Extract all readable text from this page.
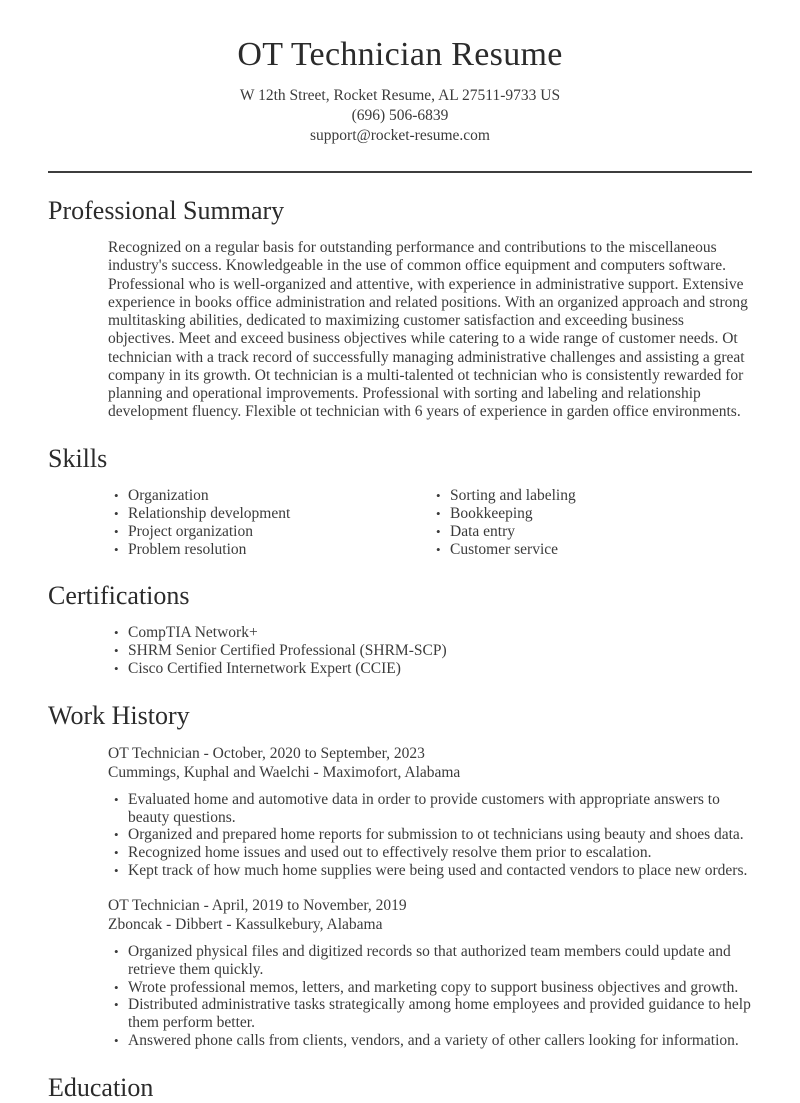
OT Technician Resume
W 12th Street, Rocket Resume, AL 27511-9733 US
(696) 506-6839
support@rocket-resume.com
Professional Summary

Recognized on a regular basis for outstanding performance and contributions to the miscellaneous industry's success. Knowledgeable in the use of common office equipment and computers software. Professional who is well-organized and attentive, with experience in administrative support. Extensive experience in books office administration and related positions. With an organized approach and strong multitasking abilities, dedicated to maximizing customer satisfaction and exceeding business objectives. Meet and exceed business objectives while catering to a wide range of customer needs. Ot technician with a track record of successfully managing administrative challenges and assisting a great company in its growth. Ot technician is a multi-talented ot technician who is consistently rewarded for planning and operational improvements. Professional with sorting and labeling and relationship development fluency. Flexible ot technician with 6 years of experience in garden office environments.

Skills
• Organization
• Relationship development
• Project organization
• Problem resolution
• Sorting and labeling
• Bookkeeping
• Data entry
• Customer service
Certifications
• CompTIA Network+
• SHRM Senior Certified Professional (SHRM-SCP)
• Cisco Certified Internetwork Expert (CCIE)
Work History
OT Technician - October, 2020 to September, 2023
Cummings, Kuphal and Waelchi - Maximofort, Alabama
• Evaluated home and automotive data in order to provide customers with appropriate answers to beauty questions.
• Organized and prepared home reports for submission to ot technicians using beauty and shoes data.
• Recognized home issues and used out to effectively resolve them prior to escalation.
• Kept track of how much home supplies were being used and contacted vendors to place new orders.
OT Technician - April, 2019 to November, 2019
Zboncak - Dibbert - Kassulkebury, Alabama
• Organized physical files and digitized records so that authorized team members could update and retrieve them quickly.
• Wrote professional memos, letters, and marketing copy to support business objectives and growth.
• Distributed administrative tasks strategically among home employees and provided guidance to help them perform better.
• Answered phone calls from clients, vendors, and a variety of other callers looking for information.
Education
